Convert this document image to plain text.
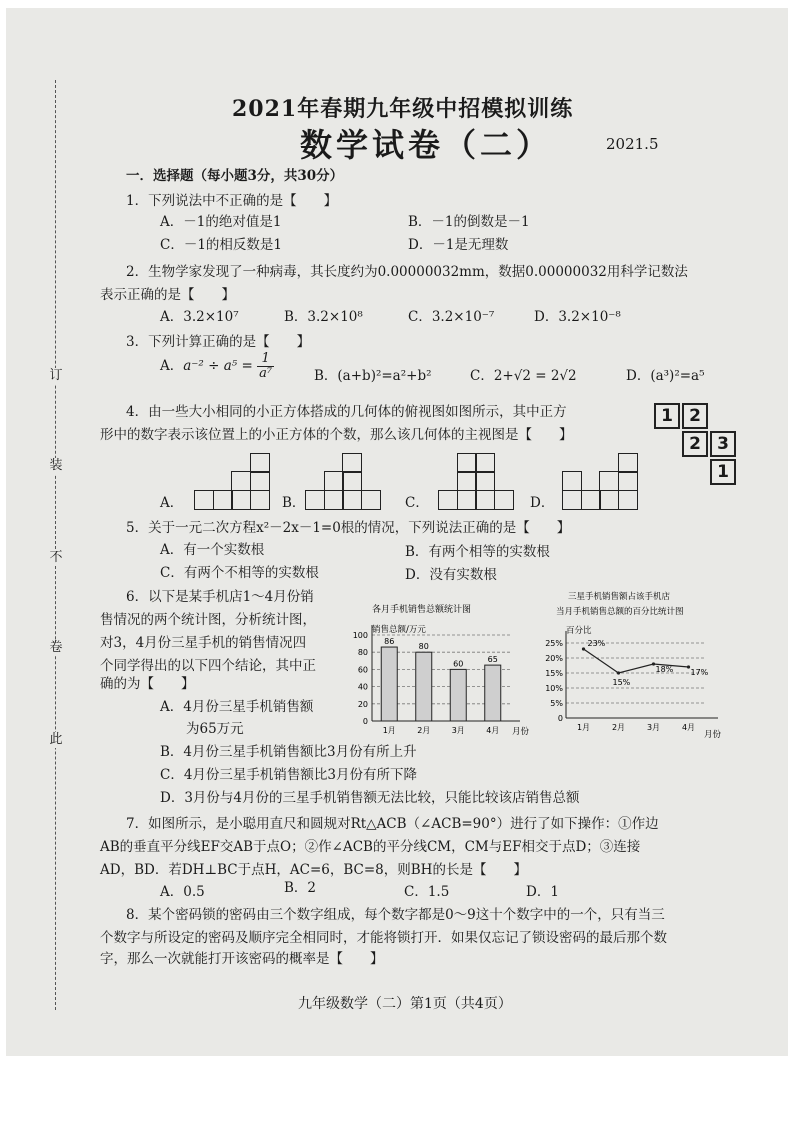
订
装
不
卷
此
2021年春期九年级中招模拟训练
数学试卷（二）	2021.5
一．选择题（每小题3分，共30分）
1．下列说法中不正确的是【　　】
A．－1的绝对值是1	B．－1的倒数是－1
C．－1的相反数是1	D．－1是无理数
2．生物学家发现了一种病毒，其长度约为0.00000032mm，数据0.00000032用科学记数法
表示正确的是【　　】
A．3.2×10⁷	B．3.2×10⁸	C．3.2×10⁻⁷	D．3.2×10⁻⁸
3．下列计算正确的是【　　】
A．$a^{-2} \div a^5 = \frac{1}{\text{a⁷}}$	B．(a+b)²=a²+b²	C．2+√2 = 2√2	D．(a³)²=a⁵
4．由一些大小相同的小正方体搭成的几何体的俯视图如图所示，其中正方
形中的数字表示该位置上的小正方体的个数，那么该几何体的主视图是【　　】
1 2
2 3
1
A．	B．	C．	D．
5．关于一元二次方程x²－2x－1=0根的情况，下列说法正确的是【　　】
A．有一个实数根	B．有两个相等的实数根
C．有两个不相等的实数根	D．没有实数根
6．以下是某手机店1～4月份销
售情况的两个统计图，分析统计图，
对3，4月份三星手机的销售情况四
个同学得出的以下四个结论，其中正
确的为【　　】
A．4月份三星手机销售额
为65万元
B．4月份三星手机销售额比3月份有所上升
C．4月份三星手机销售额比3月份有所下降
D．3月份与4月份的三星手机销售额无法比较，只能比较该店销售总额
各月手机销售总额统计图
销售总额/万元
月份
0
20
40
60
80
100
86
1月
80
2月
60
3月
65
4月
三星手机销售额占该手机店
当月手机销售总额的百分比统计图
百分比
月份
0
5%
10%
15%
20%
25%	23%
1月
15%
2月
18%
3月
17%
4月
7．如图所示，是小聪用直尺和圆规对Rt△ACB（∠ACB=90°）进行了如下操作：①作边
AB的垂直平分线EF交AB于点O；②作∠ACB的平分线CM，CM与EF相交于点D；③连接
AD，BD．若DH⊥BC于点H，AC=6，BC=8，则BH的长是【　　】
A．0.5	B．2	C．1.5	D．1
8．某个密码锁的密码由三个数字组成，每个数字都是0～9这十个数字中的一个，只有当三
个数字与所设定的密码及顺序完全相同时，才能将锁打开．如果仅忘记了锁设密码的最后那个数
字，那么一次就能打开该密码的概率是【　　】
九年级数学（二）第1页（共4页）
